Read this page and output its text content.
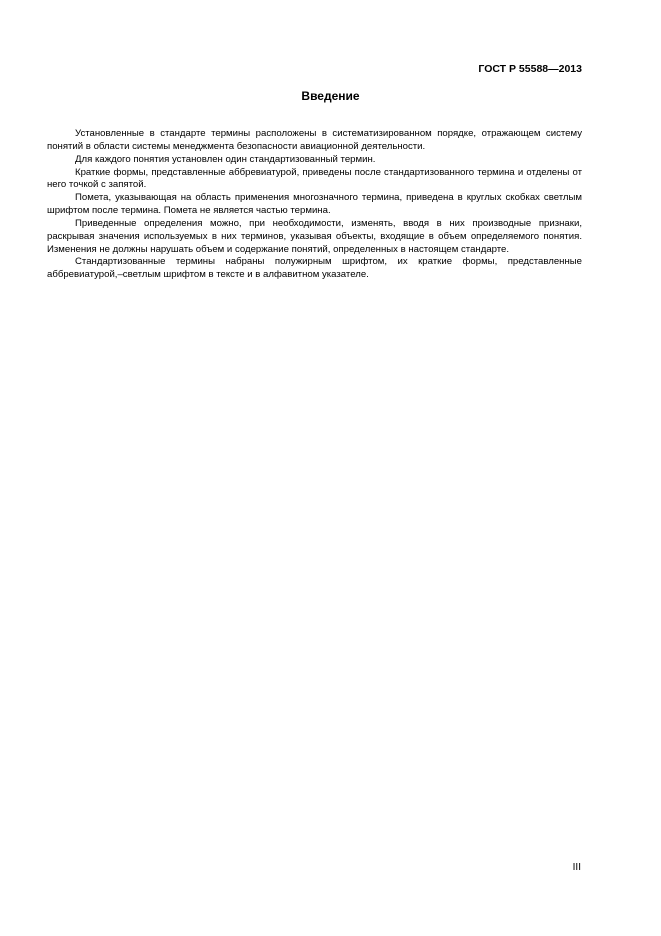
ГОСТ Р 55588—2013
Введение

Установленные в стандарте термины расположены в систематизированном порядке, отражающем систему понятий в области системы менеджмента безопасности авиационной деятельности.

Для каждого понятия установлен один стандартизованный термин.

Краткие формы, представленные аббревиатурой, приведены после стандартизованного термина и отделены от него точкой с запятой.

Помета, указывающая на область применения многозначного термина, приведена в круглых скобках светлым шрифтом после термина. Помета не является частью термина.

Приведенные определения можно, при необходимости, изменять, вводя в них производные признаки, раскрывая значения используемых в них терминов, указывая объекты, входящие в объем определяемого понятия. Изменения не должны нарушать объем и содержание понятий, определенных в настоящем стандарте.

Стандартизованные термины набраны полужирным шрифтом, их краткие формы, представленные аббревиатурой,–светлым шрифтом в тексте и в алфавитном указателе.

III
